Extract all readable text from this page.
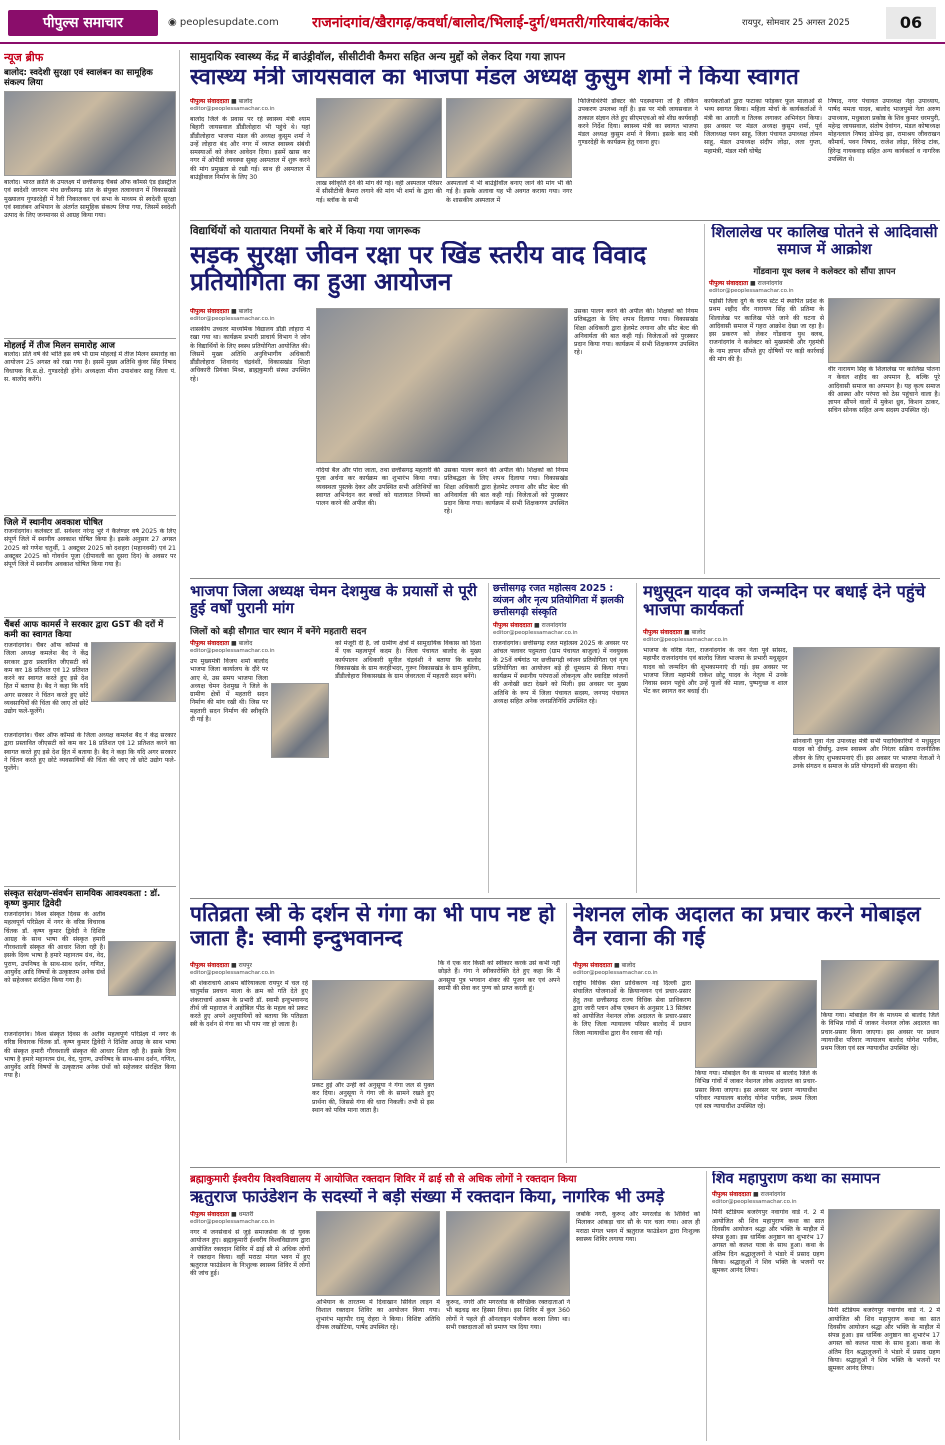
पीपुल्स समाचार	◉ peoplesupdate.com राजनांदगांव/खैरागढ़/कवर्धा/बालोद/भिलाई-दुर्ग/धमतरी/गरियाबंद/कांकेर	रायपुर, सोमवार 25 अगस्त 2025	06
न्यूज ब्रीफ
बालोद: स्वदेशी सुरक्षा एवं स्वालंबन का सामूहिक संकल्प लिया
बालोद। भारत क्राति के उपलक्ष्य में छत्तीसगढ़ चैंबर्स ऑफ कॉमर्स एंड इंडस्ट्रीज एवं स्वदेशी जागरण मंच छत्तीसगढ़ प्रांत के संयुक्त तत्वावधान में विकासखंडे मुख्यालय गुण्डरदेही में रैली निकालकर एवं सभा के माध्यम से स्वदेशी सुरक्षा एवं स्वालंबन अभियान के अंतर्गत सामूहिक संकल्प लिया गया, जिसमें स्वदेशी उत्पाद के लिए जनमानस से आग्रह किया गया।
मोहलई में तीज मिलन समारोह आज
बालोद। प्रति वर्ष की भांति इस वर्ष भी ग्राम मोहलई में तीज मिलन समारोह का आयोजन 25 अगस्त को रखा गया है। इसमें मुख्य अतिथि कुंवर सिंह निषाद विधायक वि.स.क्षे. गुण्डरदेही होंगे। अध्यक्षता मीना उपाशंकर साहू जिला पं. स. बालोद करेंगे।
जिले में स्थानीय अवकाश घोषित
राजनांदगांव। कलेक्टर डॉ. सर्वेश्वर नरेन्द्र भुरे ने कैलेण्डर वर्ष 2025 के लिए संपूर्ण जिले में स्थानीय अवकाश घोषित किया है। इसके अनुसार 27 अगस्त 2025 को गणेश चतुर्थी, 1 अक्टूबर 2025 को दशहरा (महानवमी) एवं 21 अक्टूबर 2025 को गोवर्धन पूजा (दीपावली का दूसरा दिन) के अवसर पर संपूर्ण जिले में स्थानीय अवकाश घोषित किया गया है।
चैंबर्स आफ कामर्स ने सरकार द्वारा GST की दरों में कमी का स्वागत किया
राजनांदगांव। चैंबर ऑफ कॉमर्स के जिला अध्यक्ष कमलेश बैद ने केंद्र सरकार द्वारा प्रस्तावित जीएसटी को कम कर 18 प्रतिशत एवं 12 प्रतिशत करने का स्वागत करते हुए इसे देश हित में बताया है। बैद ने कहा कि यदि अगर सरकार ने चिंतन करते हुए छोटे व्यवसायियों की चिंता की जाए तो छोटे उद्योग फले-फूलेंगे।
राजनांदगांव। चैंबर ऑफ कॉमर्स के जिला अध्यक्ष कमलेश बैद ने केंद्र सरकार द्वारा प्रस्तावित जीएसटी को कम कर 18 प्रतिशत एवं 12 प्रतिशत करने का स्वागत करते हुए इसे देश हित में बताया है। बैद ने कहा कि यदि अगर सरकार ने चिंतन करते हुए छोटे व्यवसायियों की चिंता की जाए तो छोटे उद्योग फले-फूलेंगे।
संस्कृत सरंक्षण-संवर्धन सामयिक आवश्यकता : डॉ. कृष्ण कुमार द्विवेदी
राजनांदगांव। विश्व संस्कृत दिवस के अतीव महत्वपूर्ण परिप्रेक्ष्य में नगर के वरिष्ठ विचारक चिंतक डॉ. कृष्ण कुमार द्विवेदी ने दिशिष्ट आग्रह के साथ भाषा की संस्कृत हमारी गौरवशाली संस्कृत की आधार शिला रही है। इसके दिव्य भाषा है हमारे महानतम ग्रंथ, वेद, पुराण, उपनिषद के साथ-साथ दर्शन, गणित, आयुर्वेद आदि विषयों के उत्कृष्टतम अनेक ग्रंथों को सहेजकर संरक्षित किया गया है।
राजनांदगांव। विश्व संस्कृत दिवस के अतीव महत्वपूर्ण परिप्रेक्ष्य में नगर के वरिष्ठ विचारक चिंतक डॉ. कृष्ण कुमार द्विवेदी ने दिशिष्ट आग्रह के साथ भाषा की संस्कृत हमारी गौरवशाली संस्कृत की आधार शिला रही है। इसके दिव्य भाषा है हमारे महानतम ग्रंथ, वेद, पुराण, उपनिषद के साथ-साथ दर्शन, गणित, आयुर्वेद आदि विषयों के उत्कृष्टतम अनेक ग्रंथों को सहेजकर संरक्षित किया गया है।
सामुदायिक स्वास्थ्य केंद्र में बाउंड्रीवॉल, सीसीटीवी कैमरा सहित अन्य मुद्दों को लेकर दिया गया ज्ञापन
स्वास्थ्य मंत्री जायसवाल का भाजपा मंडल अध्यक्ष कुसुम शर्मा ने किया स्वागत
पीपुल्स संवाददाता ■ बालोद
editor@peoplessamachar.co.in
बालोद जिले के प्रवास पर रहे स्वास्थ्य मंत्री श्याम बिहारी जायसवाल डौंडीलोहारा भी पहुंचे थे। यहां डौंडीलोहारा भाजपा मंडल की अध्यक्ष कुसुम शर्मा ने उन्हें लोहारा बंद और नगर में व्याप्त स्वास्थ्य संबंधी समस्याओं को लेकर आवेदन दिया। इसमें खास कर नगर में ओपीडी व्यवस्था सुबह अस्पताल में शुरू करने की मांग प्रमुखता से रखी गई। साथ ही अस्पताल में बाउंड्रीवाल निर्माण के लिए 30
लाख स्वीकृति देने की मांग की गई। वहीं अस्पताल परिसर में सीसीटीवी कैमरा लगाने की मांग भी शर्मा के द्वारा की गई। ब्लॉक के सभी
अस्पतालों में भी बाउंड्रीवॉल बनाए जाने की मांग भी की गई है। इसके अलावा यह भी अवगत कराया गया। नगर के शासकीय अस्पताल में
फिजियोथेरेपी डॉक्टर की पदस्थापना तो है लेकिन उपकरण उपलब्ध नहीं है। इस पर मंत्री जायसवाल ने तत्काल संज्ञान लेते हुए सीएमएचओ को शीघ्र कार्यवाही करने निर्देश दिया। स्वास्थ्य मंत्री का स्वागत भाजपा मंडल अध्यक्ष कुसुम शर्मा ने किया। इसके बाद मंत्री गुण्डरदेही के कार्यक्रम हेतु रवाना हुए।
कार्यकर्ताओं द्वारा फटाका फोड़कर फूल मालाओं से भव्य स्वागत किया। महिला मोर्चा के कार्यकर्ताओं ने मंत्री का आरती व तिलक लगाकर अभिनंदन किया। इस अवसर पर मंडल अध्यक्ष कुसुम शर्मा, पूर्व जिलाध्यक्ष पवन साहू, जिला पंचायत उपाध्यक्ष तोमन साहू, मंडल उपाध्यक्ष संदीप लोढ़ा, लता गुप्ता, महामंत्री, मंडल मंत्री घोषेंद्र
निषाद, नगर पंचायत उपाध्यक्ष नेहा उपाध्याय, पार्षद ममता यादव, बालोद भाजयुमो नेता अरुण उपाध्याय, मधुबाला प्रकोष्ठ के शिव कुमार धरमपुरी, महेन्द्र जायसवाल, संतोष देवांगन, मंडल कोषाध्यक्ष मोहनलाल निषाद डोमेन्द्र झा, रामाश्रय जीवराखन कौमार्य, पवन निषाद, राजेश लोढ़ा, विरेन्द्र टांक, हिरेन्द्र गायकवाड़ सहित अन्य कार्यकर्ता व नागरिक उपस्थित थे।
विद्यार्थियों को यातायात नियमों के बारे में किया गया जागरूक
सड़क सुरक्षा जीवन रक्षा पर खिंड स्तरीय वाद विवाद प्रतियोगिता का हुआ आयोजन
पीपुल्स संवाददाता ■ बालोद
editor@peoplessamachar.co.in
शासकीय उच्चतर माध्यमिक विद्यालय डौंडी लोहारा में रखा गया था। कार्यक्रम प्रभारी प्राचार्य विभाग ने जोन के विद्यार्थियों के लिए स्वस्थ प्रतियोगिता आयोजित की। जिसमें मुख्य अतिथि अनुविभागीय अधिकारी डौंडीलोहारा शिवानंद चंद्रवंशी, विकासखंड शिक्षा अधिकारी प्रियंका मिश्रा, ब्राह्मकुमारी संस्था उपस्थित रहे।
नदियां बैल और पोरा जाता, तथा छत्तीसगढ़ महतारी की पूजा अर्चना कर कार्यक्रम का शुभारंभ किया गया। व्यवस्थता पुस्तके देकर और उपस्थित सभी अतिथियों का स्वागत अभिनंदन कर बच्चों को यातायात नियमों का पालन करने की अपील की।
उसका पालन करने की अपील की। शिक्षकों को नियम प्रतिबद्धता के लिए शपथ दिलाया गया। विकासखंड शिक्षा अधिकारी द्वारा हेलमेट लगाना और सीट बेल्ट की अनिवार्यता की बात कही गई। विजेताओं को पुरस्कार प्रदान किया गया। कार्यक्रम में सभी शिक्षकगण उपस्थित रहे।
उसका पालन करने की अपील की। शिक्षकों को नियम प्रतिबद्धता के लिए शपथ दिलाया गया। विकासखंड शिक्षा अधिकारी द्वारा हेलमेट लगाना और सीट बेल्ट की अनिवार्यता की बात कही गई। विजेताओं को पुरस्कार प्रदान किया गया। कार्यक्रम में सभी शिक्षकगण उपस्थित रहे।
शिलालेख पर कालिख पोतने से आदिवासी समाज में आक्रोश
गोंडवाना यूथ क्लब ने कलेक्टर को सौंपा ज्ञापन
पीपुल्स संवाददाता ■ राजनांदगांव
editor@peoplessamachar.co.in
पड़ोसी जिला दुर्ग के चरम स्टेट में स्थापित प्रदेश के प्रथम शहीद वीर नारायण सिंह की प्रतिमा के शिलालेख पर कालिख पोते जाने की घटना से आदिवासी समाज में गहरा आक्रोश देखा जा रहा है। इस प्रकरण को लेकर गोंडवाना युथ क्लब, राजनांदगांव ने कलेक्टर को मुख्यमंत्री और गृहमंत्री के नाम ज्ञापन सौंपते हुए दोषियों पर कड़ी कार्रवाई की मांग की है।
वीर नारायण सिंह के शिलालेख पर कालिख पोतना न केवल शहीद का अपमान है, बल्कि पूरे आदिवासी समाज का अपमान है। यह कृत्य समाज की आस्था और परंपरा को ठेस पहुंचाने वाला है। ज्ञापन सौंपने वालों में मुकेश ध्रुव, किशन ठाकर, सचिन सोनक सहित अन्य सदस्य उपस्थित रहे।
भाजपा जिला अध्यक्ष चेमन देशमुख के प्रयासों से पूरी हुई वर्षों पुरानी मांग
जिलों को बड़ी सौगात चार स्थान में बनेंगे महतारी सदन
पीपुल्स संवाददाता ■ बालोद
editor@peoplessamachar.co.in
उप मुख्यमंत्री विजय शर्मा बालोद भाजपा जिला कार्यालय के दौरे पर आए थे, उस समय भाजपा जिला अध्यक्ष चेमन देशमुख ने जिले के ग्रामीण क्षेत्रों में महतारी सदन निर्माण की मांग रखी थी। जिस पर महतारी सदन निर्माण की स्वीकृति दी गई है।
को मंजूरी दी है, जो ग्रामीण क्षेत्रों में सामुदायिक विकास को दिशा में एक महत्वपूर्ण कदम है। जिला पंचायत बालोद के मुख्य कार्यपालन अधिकारी सुनील चंद्रवंशी ने बताया कि बालोद विकासखंड के ग्राम करहीभदर, गुरूर विकासखंड के ग्राम कुलिया, डौंडीलोहारा विकासखंड के ग्राम जेवरतला में महतारी सदन बनेंगे।
छत्तीसगढ़ रजत महोत्सव 2025 : व्यंजन और नृत्य प्रतियोगिता में झलकी छत्तीसगढ़ी संस्कृति
पीपुल्स संवाददाता ■ राजनांदगांव
editor@peoplessamachar.co.in
राजनांदगांव। छत्तीसगढ़ रजत महोत्सव 2025 के अवसर पर आंचल फ्लावर पदुमतरा (ग्राम पंचायत बाजुला) में नवयुवक के 25वें वर्षगांठ पर छत्तीसगढ़ी व्यंजन प्रतियोगिता एवं नृत्य प्रतियोगिता का आयोजन बड़े ही धूमधाम से किया गया। कार्यक्रम में स्थानीय परंपराओं लोकनृत्य और स्वादिष्ट व्यंजनों की अनोखी छटा देखने को मिली। इस अवसर पर मुख्य अतिथि के रूप में जिला पंचायत सदस्य, जनपद पंचायत अध्यक्ष सहित अनेक जनप्रतिनिधि उपस्थित रहे।
मधुसूदन यादव को जन्मदिन पर बधाई देने पहुंचे भाजपा कार्यकर्ता
पीपुल्स संवाददाता ■ बालोद
editor@peoplessamachar.co.in
भाजपा के वरिष्ठ नेता, राजनांदगांव के जन नेता पूर्व सांसद, महापौर राजनांदगांव एवं बालोद जिला भाजपा के प्रभारी मधुसूदन यादव को जन्मदिन की शुभकामनाएं दी गई। इस अवसर पर भाजपा जिला महामंत्री राकेश छोटू यादव के नेतृत्व में उनके निवास स्थान पहुंचे और उन्हें फूलों की माला, पुष्पगुच्छ व शाल भेंट कर स्वागत कर बधाई दी।
सोनवानी युवा नेता उपाध्यक्ष मंत्री सभी पदाधिकारियों ने मधुसूदन यादव को दीर्घायु, उत्तम स्वास्थ्य और निरंतर सक्रिय राजनीतिक जीवन के लिए शुभकामनाएं दीं। इस अवसर पर भाजपा नेताओं ने उनके संगठन व समाज के प्रति योगदानों की सराहना की।
पतिव्रता स्त्री के दर्शन से गंगा का भी पाप नष्ट हो जाता है: स्वामी इन्दुभवानन्द
पीपुल्स संवाददाता ■ रायपुर
editor@peoplessamachar.co.in
श्री शंकराचार्य आश्रम बोरियाकला रायपुर में चल रहे चातुर्मास प्रवचन माला के क्रम को गति देते हुए शंकराचार्य आश्रम के प्रभारी डॉ. स्वामी इन्दुभवानन्द तीर्थ जी महाराज ने अहोबिल पीठ के महत्व को प्रकट करते हुए अपने अनुयायियों को बताया कि पतिव्रता स्त्री के दर्शन से गंगा का भी पाप नष्ट हो जाता है।
प्रकट हुई और उन्हीं को अनुसूया ने गंगा जल से युक्त कर दिया। अनुसूया ने गंगा जी के सामने रखते हुए प्रार्थना की, जिससे गंगा की धारा निकली। तभी से इस स्थान को पवित्र माना जाता है।
कि वे एक वार किसी को स्वीकार करके उसे कभी नहीं छोड़ते हैं। गंगा ने स्वीकारोक्ति देते हुए कहा कि मैं अनसूया पुत्र भगवान शंकर की पूजन कर एवं अपने स्वामी की सेवा कर पुण्य को प्राप्त करती हूं।
नेशनल लोक अदालत का प्रचार करने मोबाइल वैन रवाना की गई
पीपुल्स संवाददाता ■ बालोद
editor@peoplessamachar.co.in
राष्ट्रीय विधिक सेवा प्राधिकरण नई दिल्ली द्वारा संचालित योजनाओं के क्रियान्वयन एवं प्रचार-प्रसार हेतु तथा छत्तीसगढ़ राज्य विधिक सेवा प्राधिकरण द्वारा जारी प्लान ऑफ एक्शन के अनुसार 13 सितंबर को आयोजित नेशनल लोक अदालत के प्रचार-प्रसार के लिए जिला न्यायालय परिसर बालोद में प्रधान जिला न्यायाधीश द्वारा वैन रवाना की गई।
किया गया। मोबाईल वैन के माध्यम से बालोद जिले के विभिन्न गांवों में जाकर नेशनल लोक अदालत का प्रचार-प्रसार किया जाएगा। इस अवसर पर प्रधान न्यायाधीश परिवार न्यायालय बालोद योगेश पारीक, प्रथम जिला एवं सत्र न्यायाधीश उपस्थित रहे।
किया गया। मोबाईल वैन के माध्यम से बालोद जिले के विभिन्न गांवों में जाकर नेशनल लोक अदालत का प्रचार-प्रसार किया जाएगा। इस अवसर पर प्रधान न्यायाधीश परिवार न्यायालय बालोद योगेश पारीक, प्रथम जिला एवं सत्र न्यायाधीश उपस्थित रहे।
ब्रह्माकुमारी ईश्वरीय विश्वविद्यालय में आयोजित रक्तदान शिविर में ढाई सौ से अधिक लोगों ने रक्तदान किया
ऋतुराज फाउंडेशन के सदस्यों ने बड़ी संख्या में रक्तदान किया, नागरिक भी उमड़े
पीपुल्स संवाददाता ■ धमतरी
editor@peoplessamachar.co.in
नगर में जनसेवार्थ से जुड़े समाजसेवा के दो युवक आयोजन हुए। ब्रह्माकुमारी ईश्वरीय विश्वविद्यालय द्वारा आयोजित रक्तदान शिविर में ढाई सौ से अधिक लोगों ने रक्तदान किया। वहीं मराठा मंगल भवन में हुए ऋतुराज फाउंडेशन के निःशुल्क स्वास्थ्य शिविर में लोगों की जांच हुई।
अभियान के तारतम्य में दिवाखान सिविल लाइन में विशाल रक्तदान शिविर का आयोजन किया गया। शुभारंभ महापौर रामू रोहरा ने किया। विशिष्ट अतिथि दीपक लखोटिया, पार्षद उपस्थित रहे।
कुरूद, नगरी और मगरलोड के स्वैच्छिक रक्तदाताओं ने भी बढ़चढ़ कर हिस्सा लिया। इस शिविर में कुल 360 लोगों ने पहले ही ऑनलाइन पंजीयन करवा लिया था। सभी रक्तदाताओं को प्रमाण पत्र दिया गया।
जबकि नगरी, कुरूद और मगरलोड के शिविरों को मिलाकर आंकड़ा चार सौ के पार चला गया। आज ही मराठा मंगल भवन में ऋतुराज फाउंडेशन द्वारा निःशुल्क स्वास्थ्य शिविर लगाया गया।
शिव महापुराण कथा का समापन
पीपुल्स संवाददाता ■ राजनांदगांव
editor@peoplessamachar.co.in
मिनी स्टेडियम बजरंगपुर नवागांव वार्ड नं. 2 में आयोजित श्री शिव महापुराण कथा का सात दिवसीय आयोजन श्रद्धा और भक्ति के माहौल में संपन्न हुआ। इस धार्मिक अनुष्ठान का शुभारंभ 17 अगस्त को कलश यात्रा के साथ हुआ। कथा के अंतिम दिन श्रद्धालुजनों ने भंडारे में प्रसाद ग्रहण किया। श्रद्धालुओं ने शिव भक्ति के भजनों पर झूमकर आनंद लिया।
मिनी स्टेडियम बजरंगपुर नवागांव वार्ड नं. 2 में आयोजित श्री शिव महापुराण कथा का सात दिवसीय आयोजन श्रद्धा और भक्ति के माहौल में संपन्न हुआ। इस धार्मिक अनुष्ठान का शुभारंभ 17 अगस्त को कलश यात्रा के साथ हुआ। कथा के अंतिम दिन श्रद्धालुजनों ने भंडारे में प्रसाद ग्रहण किया। श्रद्धालुओं ने शिव भक्ति के भजनों पर झूमकर आनंद लिया।
